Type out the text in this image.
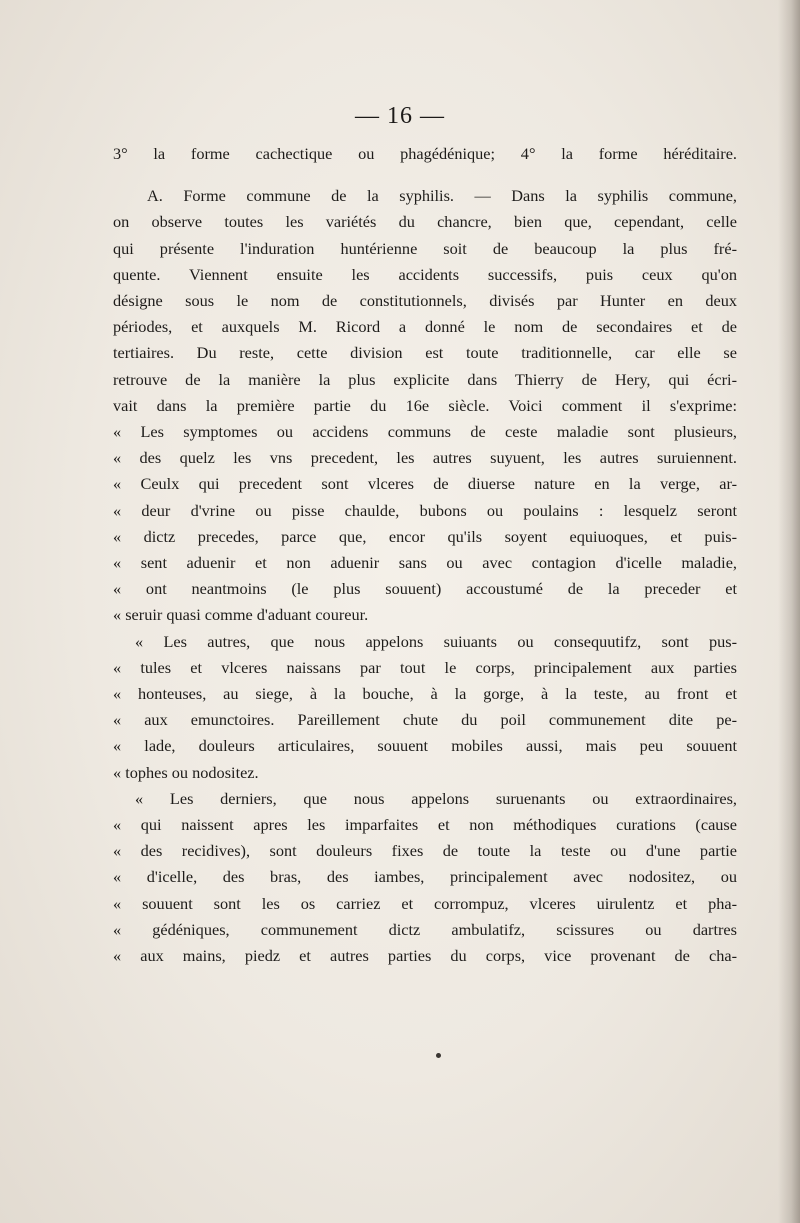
— 16 —
3° la forme cachectique ou phagédénique; 4° la forme héréditaire.
A. Forme commune de la syphilis. — Dans la syphilis commune,
on observe toutes les variétés du chancre, bien que, cependant, celle
qui présente l'induration huntérienne soit de beaucoup la plus fré-
quente. Viennent ensuite les accidents successifs, puis ceux qu'on
désigne sous le nom de constitutionnels, divisés par Hunter en deux
périodes, et auxquels M. Ricord a donné le nom de secondaires et de
tertiaires. Du reste, cette division est toute traditionnelle, car elle se
retrouve de la manière la plus explicite dans Thierry de Hery, qui écri-
vait dans la première partie du 16e siècle. Voici comment il s'exprime:
« Les symptomes ou accidens communs de ceste maladie sont plusieurs,
« des quelz les vns precedent, les autres suyuent, les autres suruiennent.
« Ceulx qui precedent sont vlceres de diuerse nature en la verge, ar-
« deur d'vrine ou pisse chaulde, bubons ou poulains : lesquelz seront
« dictz precedes, parce que, encor qu'ils soyent equiuoques, et puis-
« sent aduenir et non aduenir sans ou avec contagion d'icelle maladie,
« ont neantmoins (le plus souuent) accoustumé de la preceder et
« seruir quasi comme d'aduant coureur.
« Les autres, que nous appelons suiuants ou consequutifz, sont pus-
« tules et vlceres naissans par tout le corps, principalement aux parties
« honteuses, au siege, à la bouche, à la gorge, à la teste, au front et
« aux emunctoires. Pareillement chute du poil communement dite pe-
« lade, douleurs articulaires, souuent mobiles aussi, mais peu souuent
« tophes ou nodositez.
« Les derniers, que nous appelons suruenants ou extraordinaires,
« qui naissent apres les imparfaites et non méthodiques curations (cause
« des recidives), sont douleurs fixes de toute la teste ou d'une partie
« d'icelle, des bras, des iambes, principalement avec nodositez, ou
« souuent sont les os carriez et corrompuz, vlceres uirulentz et pha-
« gédéniques, communement dictz ambulatifz, scissures ou dartres
« aux mains, piedz et autres parties du corps, vice provenant de cha-
